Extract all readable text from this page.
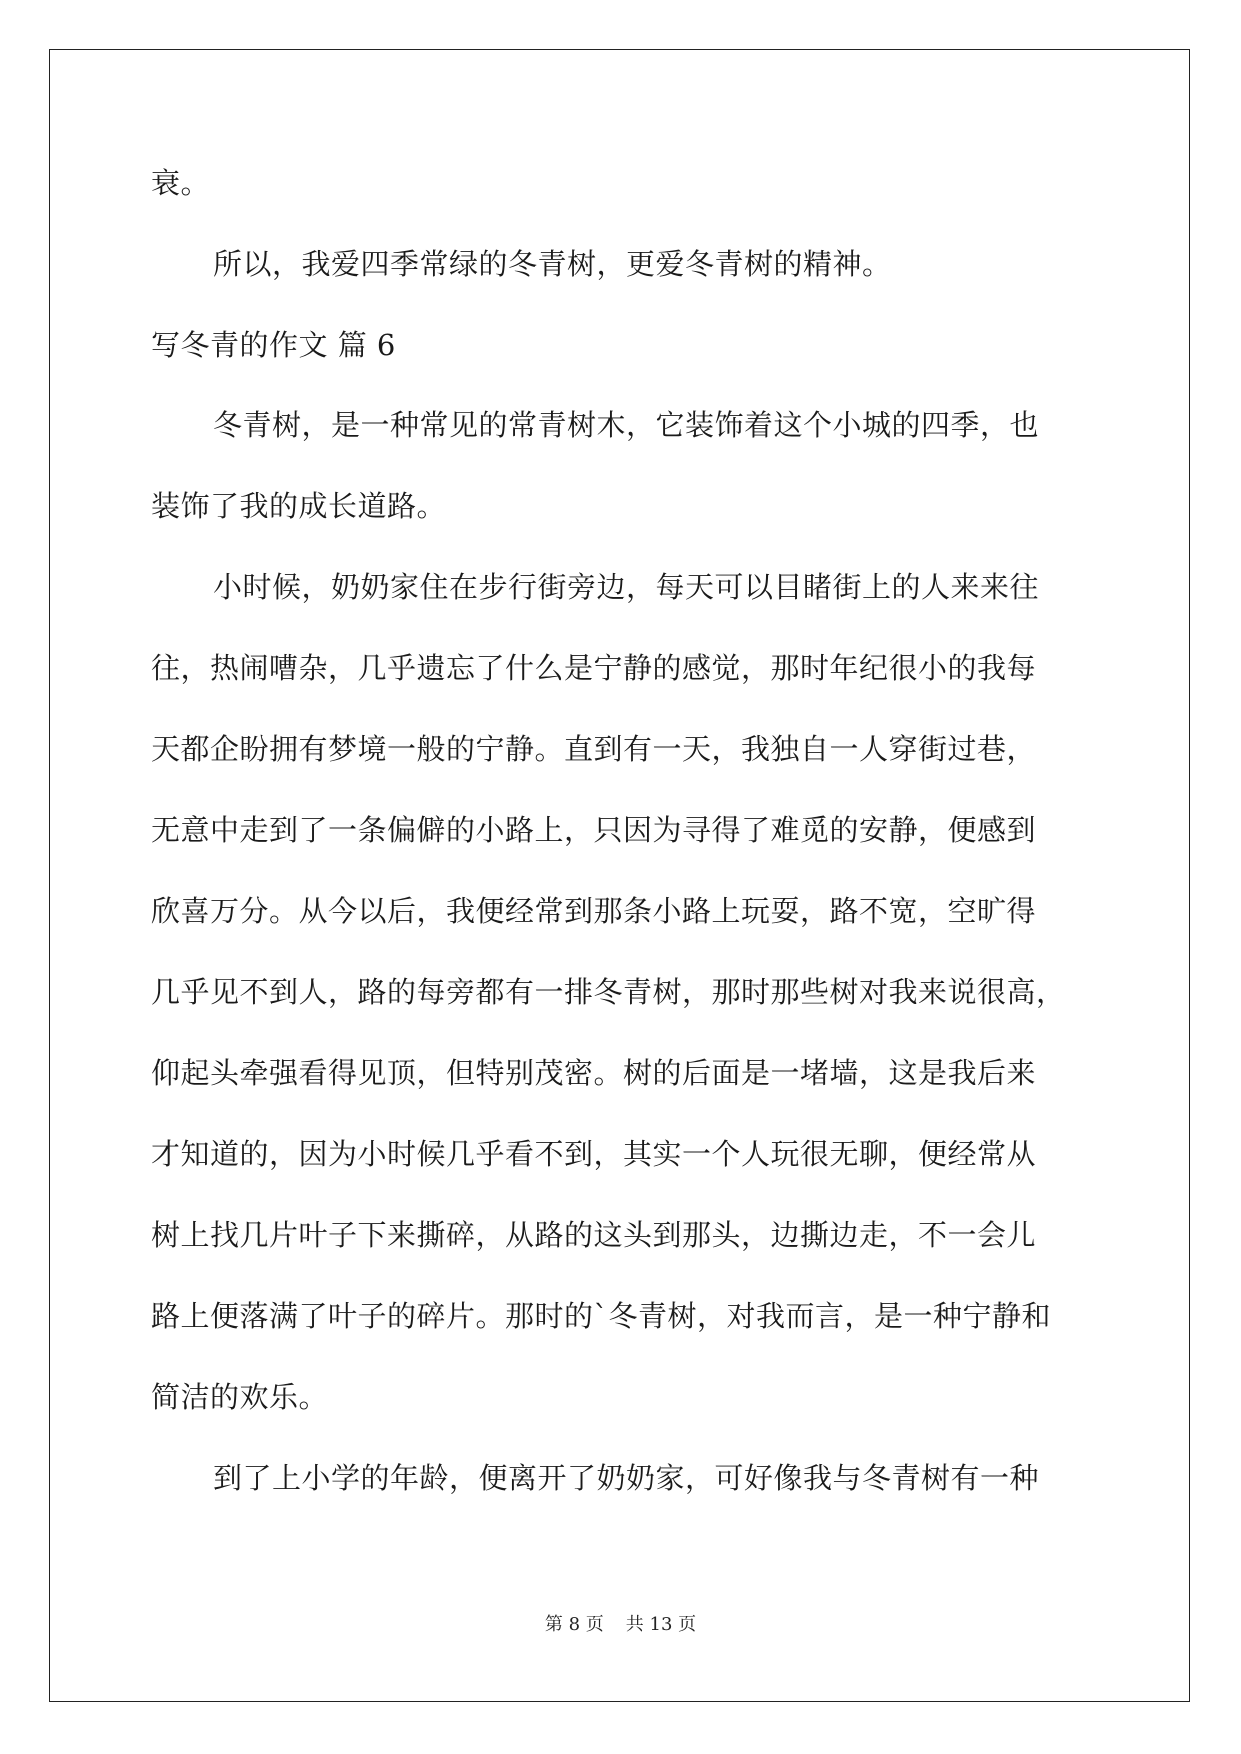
衰。
所以，我爱四季常绿的冬青树，更爱冬青树的精神。
写冬青的作文 篇 6
冬青树，是一种常见的常青树木，它装饰着这个小城的四季，也
装饰了我的成长道路。
小时候，奶奶家住在步行街旁边，每天可以目睹街上的人来来往
往，热闹嘈杂，几乎遗忘了什么是宁静的感觉，那时年纪很小的我每
天都企盼拥有梦境一般的宁静。直到有一天，我独自一人穿街过巷，
无意中走到了一条偏僻的小路上，只因为寻得了难觅的安静，便感到
欣喜万分。从今以后，我便经常到那条小路上玩耍，路不宽，空旷得
几乎见不到人，路的每旁都有一排冬青树，那时那些树对我来说很高，
仰起头牵强看得见顶，但特别茂密。树的后面是一堵墙，这是我后来
才知道的，因为小时候几乎看不到，其实一个人玩很无聊，便经常从
树上找几片叶子下来撕碎，从路的这头到那头，边撕边走，不一会儿
路上便落满了叶子的碎片。那时的`冬青树，对我而言，是一种宁静和
简洁的欢乐。
到了上小学的年龄，便离开了奶奶家，可好像我与冬青树有一种
第 8 页 共 13 页
